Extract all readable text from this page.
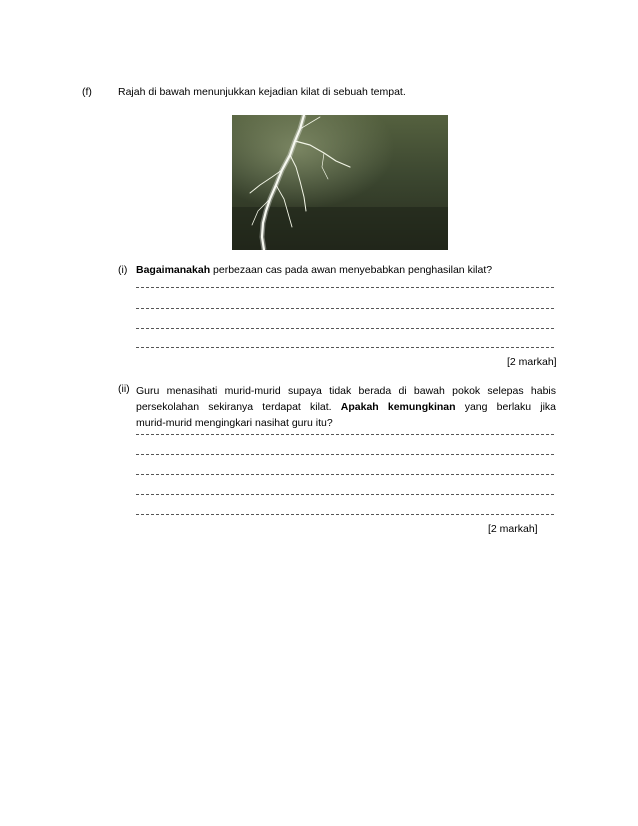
(f) Rajah di bawah menunjukkan kejadian kilat di sebuah tempat.
(i) Bagaimanakah perbezaan cas pada awan menyebabkan penghasilan kilat?
[2 markah]
(ii) Guru menasihati murid-murid supaya tidak berada di bawah pokok selepas habis
persekolahan sekiranya terdapat kilat. Apakah kemungkinan yang berlaku jika
murid-murid mengingkari nasihat guru itu?
[2 markah]
